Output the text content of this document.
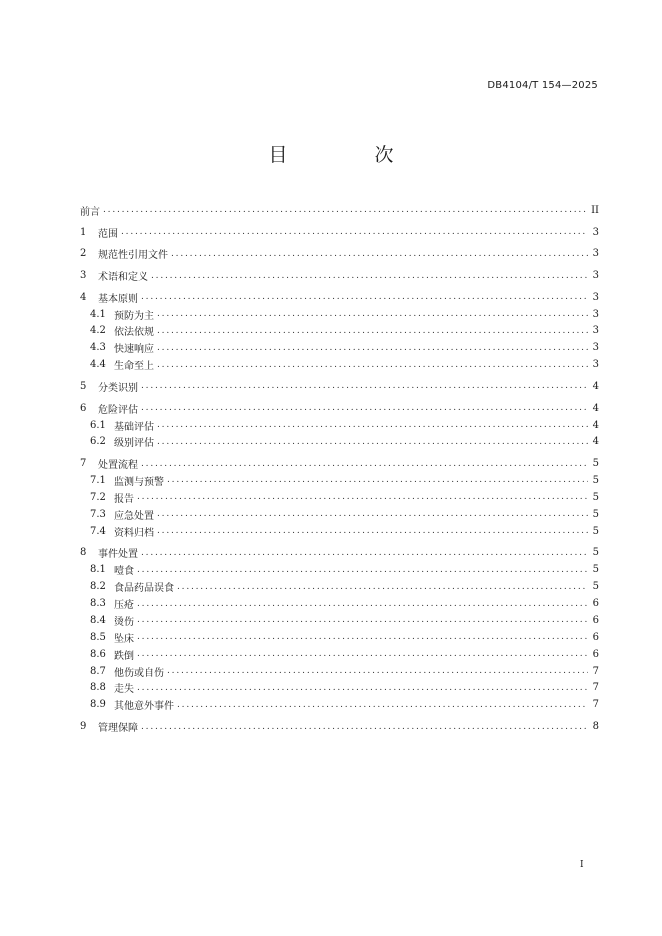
DB4104/T 154—2025
目　次
前言 .....	II
1	范围 .....	3
2	规范性引用文件 .....	3
3	术语和定义 .....	3
4	基本原则 .....	3
4.1 预防为主 .....	3
4.2 依法依规 .....	3
4.3 快速响应 .....	3
4.4 生命至上 .....	3
5	分类识别 .....	4
6	危险评估 .....	4
6.1 基础评估 .....	4
6.2 级别评估 .....	4
7	处置流程 .....	5
7.1 监测与预警 .....	5
7.2 报告 .....	5
7.3 应急处置 .....	5
7.4 资料归档 .....	5
8	事件处置 .....	5
8.1 噎食 .....	5
8.2 食品药品误食 .....	5
8.3 压疮 .....	6
8.4 烫伤 .....	6
8.5 坠床 .....	6
8.6 跌倒 .....	6
8.7 他伤或自伤 .....	7
8.8 走失 .....	7
8.9 其他意外事件 .....	7
9	管理保障 .....	8
I
